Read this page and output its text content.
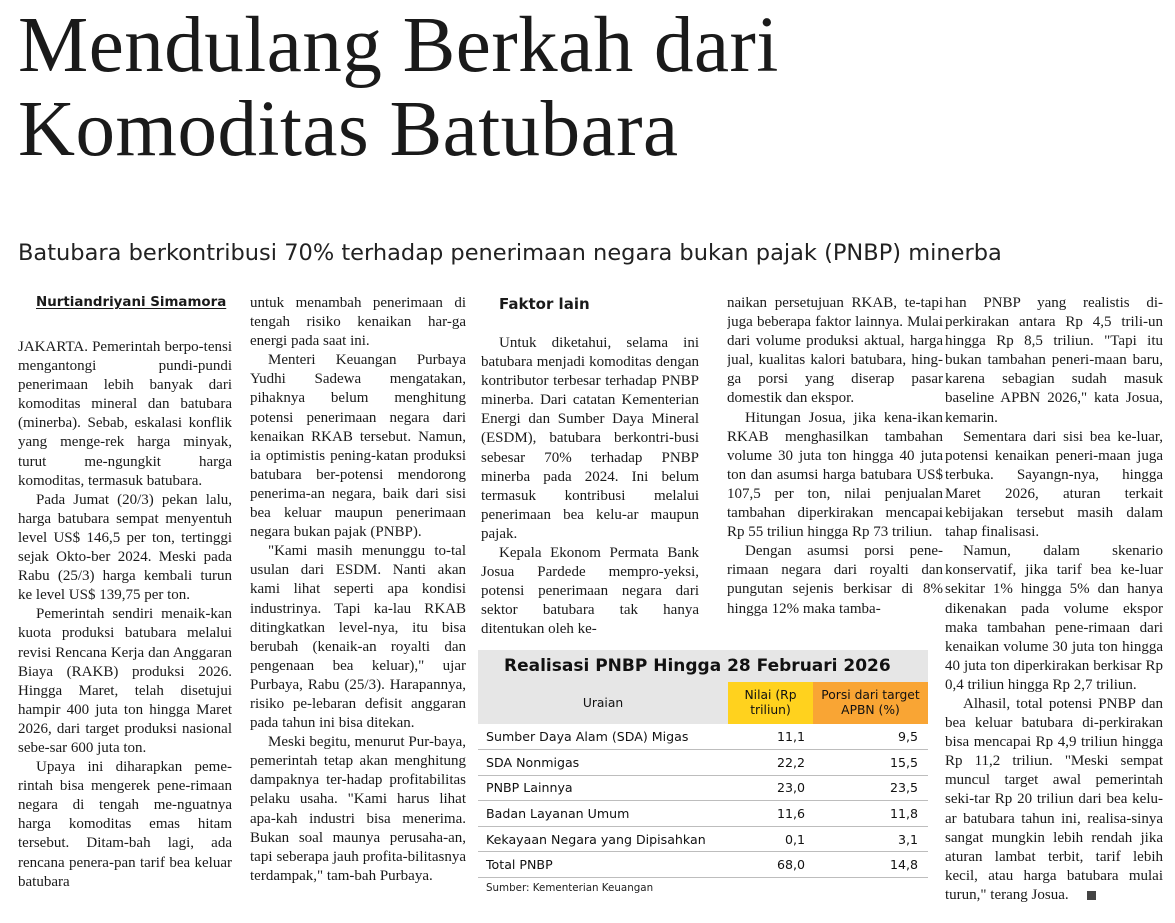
Mendulang Berkah dari
Komoditas Batubara
Batubara berkontribusi 70% terhadap penerimaan negara bukan pajak (PNBP) minerba

Nurtiandriyani Simamora

JAKARTA. Pemerintah berpo-tensi mengantongi pundi-pundi penerimaan lebih banyak dari komoditas mineral dan batubara (minerba). Sebab, eskalasi konflik yang menge-rek harga minyak, turut me-ngungkit harga komoditas, termasuk batubara.

Pada Jumat (20/3) pekan lalu, harga batubara sempat menyentuh level US$ 146,5 per ton, tertinggi sejak Okto-ber 2024. Meski pada Rabu (25/3) harga kembali turun ke level US$ 139,75 per ton.

Pemerintah sendiri menaik-kan kuota produksi batubara melalui revisi Rencana Kerja dan Anggaran Biaya (RAKB) produksi 2026. Hingga Maret, telah disetujui hampir 400 juta ton hingga Maret 2026, dari target produksi nasional sebe-sar 600 juta ton.

Upaya ini diharapkan peme-rintah bisa mengerek pene-rimaan negara di tengah me-nguatnya harga komoditas emas hitam tersebut. Ditam-bah lagi, ada rencana penera-pan tarif bea keluar batubara

untuk menambah penerimaan di tengah risiko kenaikan har-ga energi pada saat ini.

Menteri Keuangan Purbaya Yudhi Sadewa mengatakan, pihaknya belum menghitung potensi penerimaan negara dari kenaikan RKAB tersebut. Namun, ia optimistis pening-katan produksi batubara ber-potensi mendorong penerima-an negara, baik dari sisi bea keluar maupun penerimaan negara bukan pajak (PNBP).

"Kami masih menunggu to-tal usulan dari ESDM. Nanti akan kami lihat seperti apa kondisi industrinya. Tapi ka-lau RKAB ditingkatkan level-nya, itu bisa berubah (kenaik-an royalti dan pengenaan bea keluar)," ujar Purbaya, Rabu (25/3). Harapannya, risiko pe-lebaran defisit anggaran pada tahun ini bisa ditekan.

Meski begitu, menurut Pur-baya, pemerintah tetap akan menghitung dampaknya ter-hadap profitabilitas pelaku usaha. "Kami harus lihat apa-kah industri bisa menerima. Bukan soal maunya perusaha-an, tapi seberapa jauh profita-bilitasnya terdampak," tam-bah Purbaya.

Faktor lain

Untuk diketahui, selama ini batubara menjadi komoditas dengan kontributor terbesar terhadap PNBP minerba. Dari catatan Kementerian Energi dan Sumber Daya Mineral (ESDM), batubara berkontri-busi sebesar 70% terhadap PNBP minerba pada 2024. Ini belum termasuk kontribusi melalui penerimaan bea kelu-ar maupun pajak.

Kepala Ekonom Permata Bank Josua Pardede mempro-yeksi, potensi penerimaan negara dari sektor batubara tak hanya ditentukan oleh ke-

naikan persetujuan RKAB, te-tapi juga beberapa faktor lainnya. Mulai dari volume produksi aktual, harga jual, kualitas kalori batubara, hing-ga porsi yang diserap pasar domestik dan ekspor.

Hitungan Josua, jika kena-ikan RKAB menghasilkan tambahan volume 30 juta ton hingga 40 juta ton dan asumsi harga batubara US$ 107,5 per ton, nilai penjualan tambahan diperkirakan mencapai Rp 55 triliun hingga Rp 73 triliun.

Dengan asumsi porsi pene-rimaan negara dari royalti dan pungutan sejenis berkisar di 8% hingga 12% maka tamba-

han PNBP yang realistis di-perkirakan antara Rp 4,5 trili-un hingga Rp 8,5 triliun. "Tapi itu bukan tambahan peneri-maan baru, karena sebagian sudah masuk baseline APBN 2026," kata Josua, kemarin.

Sementara dari sisi bea ke-luar, potensi kenaikan peneri-maan juga terbuka. Sayangn-nya, hingga Maret 2026, aturan terkait kebijakan tersebut masih dalam tahap finalisasi.

Namun, dalam skenario konservatif, jika tarif bea ke-luar sekitar 1% hingga 5% dan hanya dikenakan pada volume ekspor maka tambahan pene-rimaan dari kenaikan volume 30 juta ton hingga 40 juta ton diperkirakan berkisar Rp 0,4 triliun hingga Rp 2,7 triliun.

Alhasil, total potensi PNBP dan bea keluar batubara di-perkirakan bisa mencapai Rp 4,9 triliun hingga Rp 11,2 triliun. "Meski sempat muncul target awal pemerintah seki-tar Rp 20 triliun dari bea kelu-ar batubara tahun ini, realisa-sinya sangat mungkin lebih rendah jika aturan lambat terbit, tarif lebih kecil, atau harga batubara mulai turun," terang Josua.

Realisasi PNBP Hingga 28 Februari 2026
Uraian	Nilai (Rp triliun)	Porsi dari target APBN (%)
Sumber Daya Alam (SDA) Migas	11,1	9,5
SDA Nonmigas	22,2	15,5
PNBP Lainnya	23,0	23,5
Badan Layanan Umum	11,6	11,8
Kekayaan Negara yang Dipisahkan	0,1	3,1
Total PNBP	68,0	14,8
Sumber: Kementerian Keuangan
